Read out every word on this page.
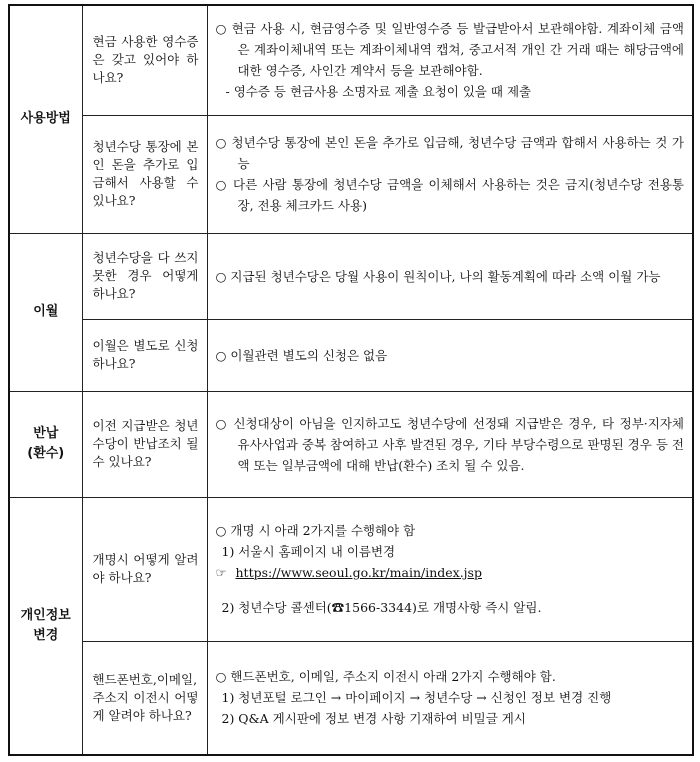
사용방법	현금 사용한 영수증은 갖고 있어야 하나요?	○ 현금 사용 시, 현금영수증 및 일반영수증 등 발급받아서 보관해야함. 계좌이체 금액은 계좌이체내역 또는 계좌이체내역 캡쳐, 중고서적 개인 간 거래 때는 해당금액에 대한 영수증, 사인간 계약서 등을 보관해야함.
- 영수증 등 현금사용 소명자료 제출 요청이 있을 때 제출

	청년수당 통장에 본인 돈을 추가로 입금해서 사용할 수 있나요?	○ 청년수당 통장에 본인 돈을 추가로 입금해, 청년수당 금액과 합해서 사용하는 것 가능
○ 다른 사람 통장에 청년수당 금액을 이체해서 사용하는 것은 금지(청년수당 전용통장, 전용 체크카드 사용)

이월	청년수당을 다 쓰지 못한 경우 어떻게 하나요?	○ 지급된 청년수당은 당월 사용이 원칙이나, 나의 활동계획에 따라 소액 이월 가능

	이월은 별도로 신청하나요?	○ 이월관련 별도의 신청은 없음

반납
(환수)	이전 지급받은 청년수당이 반납조치 될 수 있나요?	○ 신청대상이 아님을 인지하고도 청년수당에 선정돼 지급받은 경우, 타 정부·지자체 유사사업과 중복 참여하고 사후 발견된 경우, 기타 부당수령으로 판명된 경우 등 전액 또는 일부금액에 대해 반납(환수) 조치 될 수 있음.

개인정보
변경	개명시 어떻게 알려야 하나요?	○ 개명 시 아래 2가지를 수행해야 함
1) 서울시 홈페이지 내 이름변경
☞ https://www.seoul.go.kr/main/index.jsp
2) 청년수당 콜센터(☎1566-3344)로 개명사항 즉시 알림.

	핸드폰번호,이메일,주소지 이전시 어떻게 알려야 하나요?	○ 핸드폰번호, 이메일, 주소지 이전시 아래 2가지 수행해야 함.
1) 청년포털 로그인 → 마이페이지 → 청년수당 → 신청인 정보 변경 진행
2) Q&A 게시판에 정보 변경 사항 기재하여 비밀글 게시
